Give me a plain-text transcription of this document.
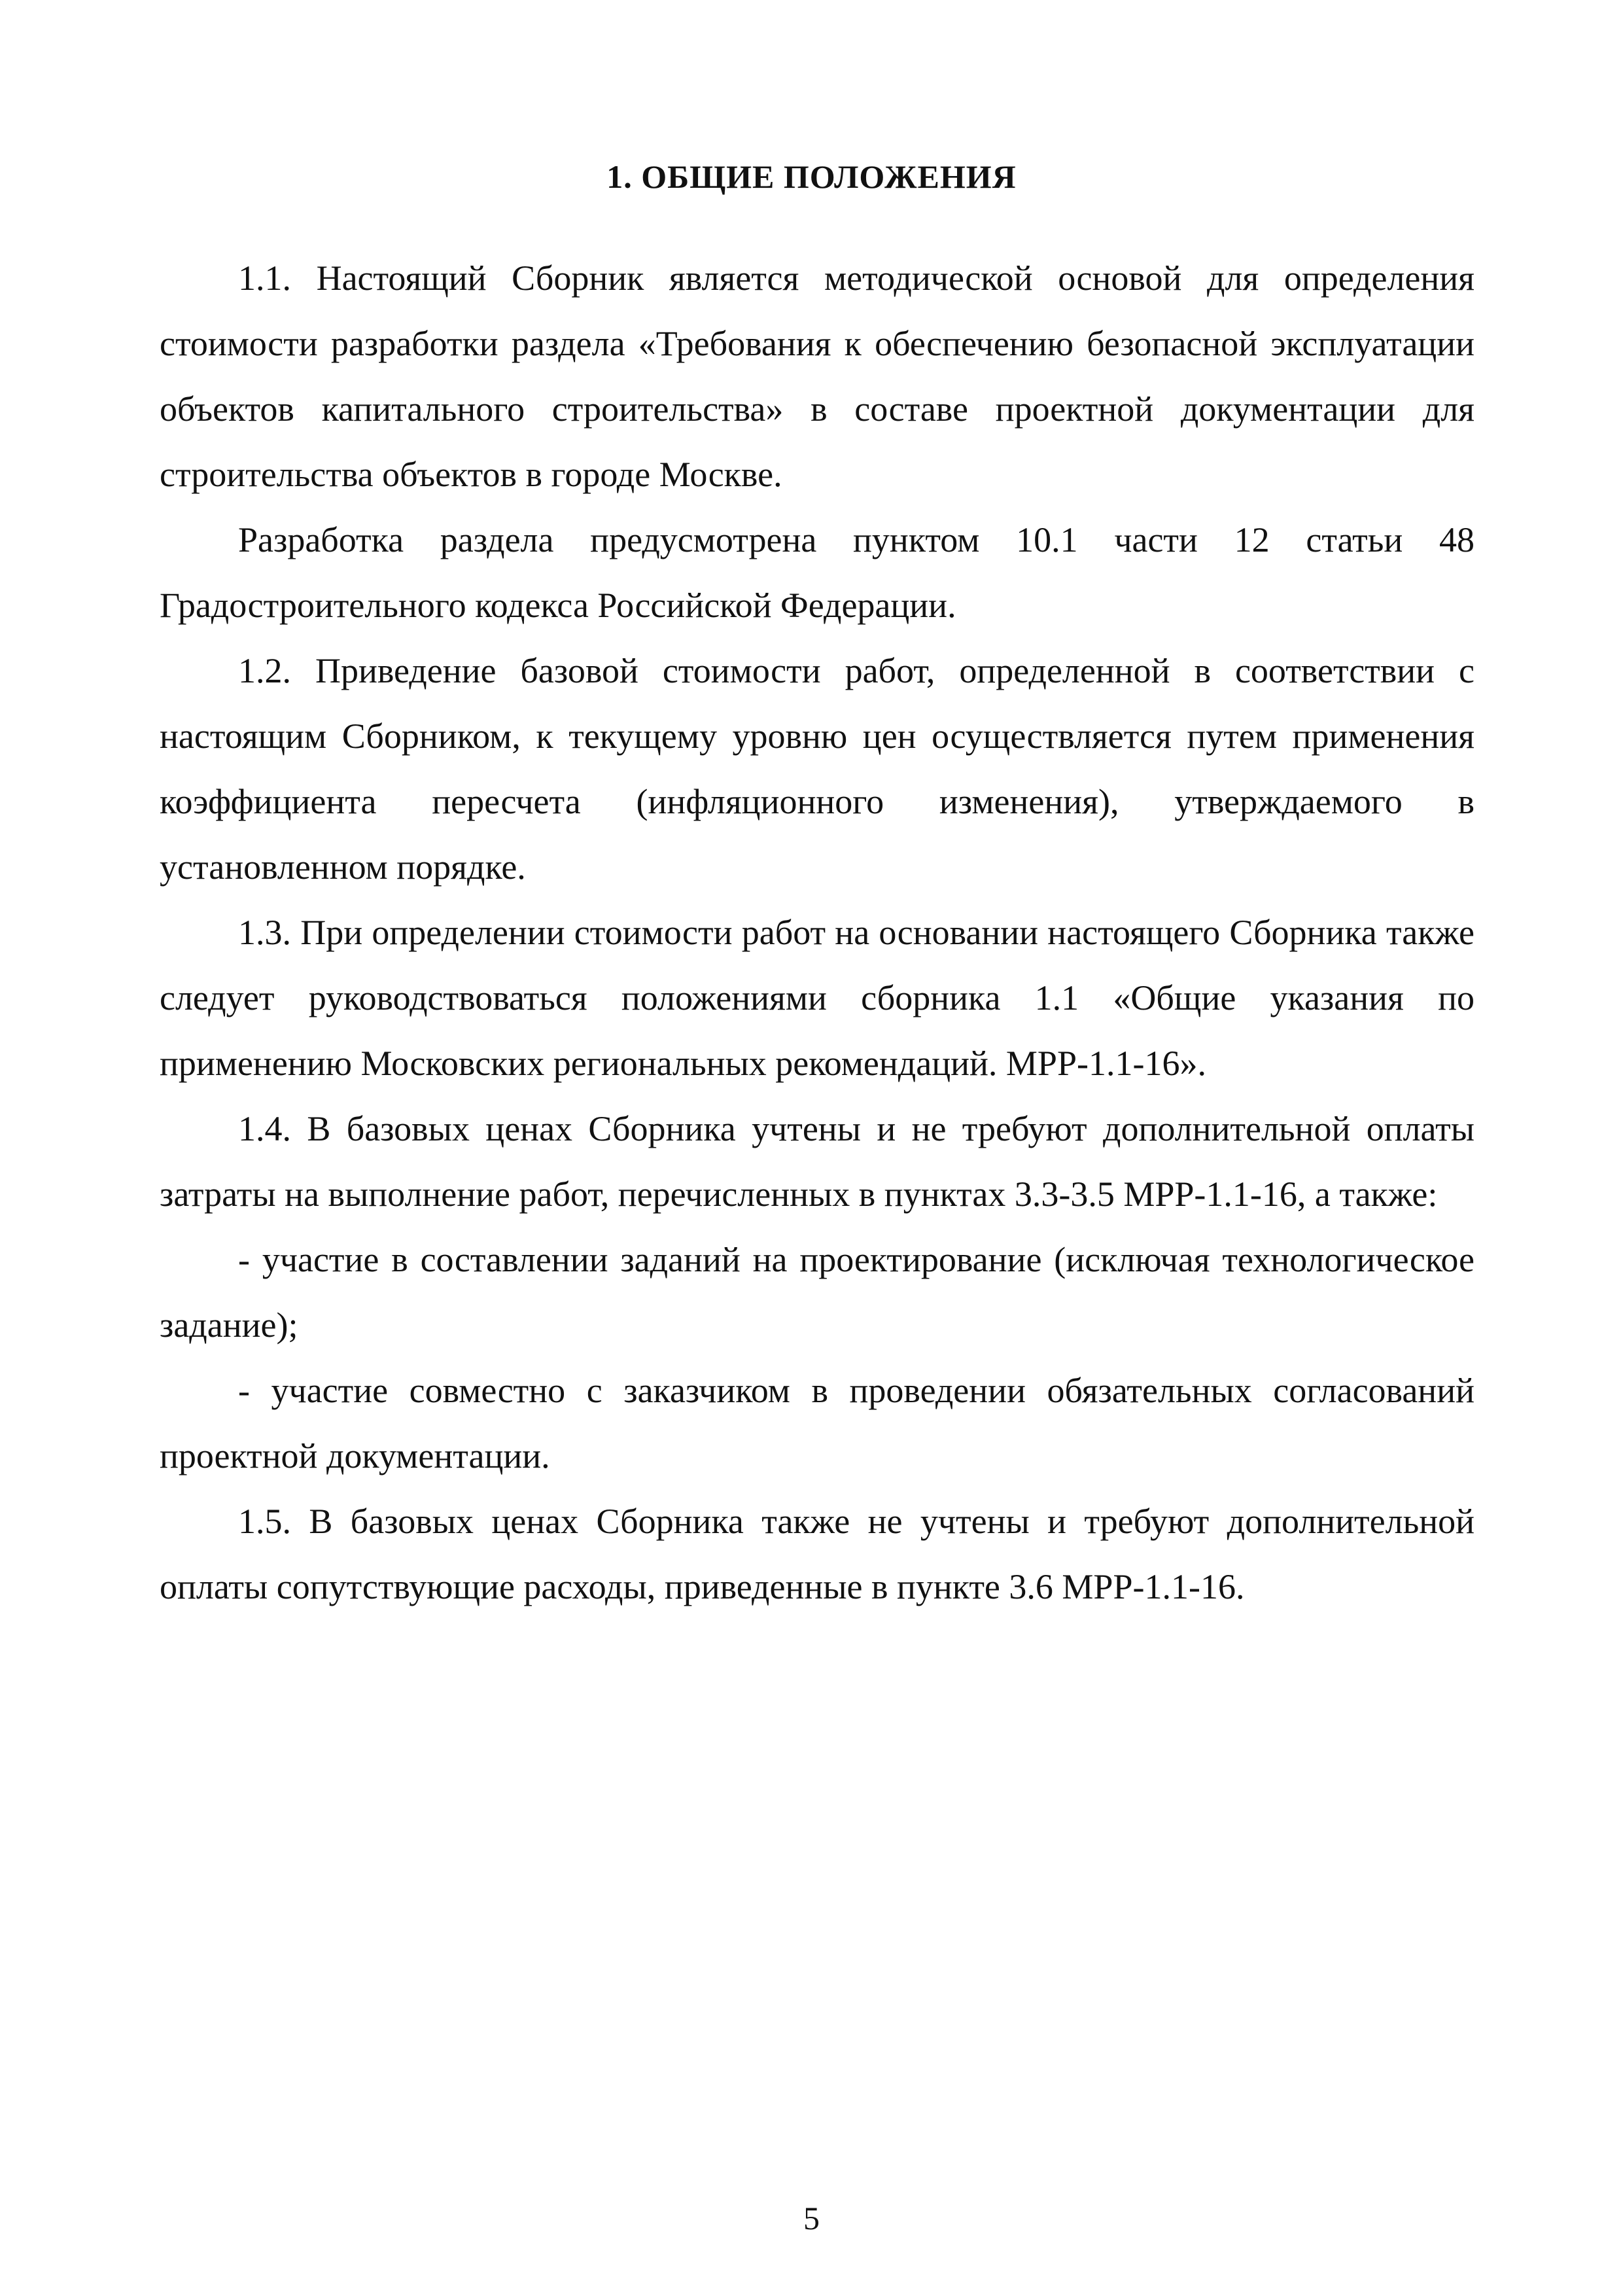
1. ОБЩИЕ ПОЛОЖЕНИЯ

1.1. Настоящий Сборник является методической основой для определения стоимости разработки раздела «Требования к обеспечению безопасной эксплуатации объектов капитального строительства» в составе проектной документации для строительства объектов в городе Москве.

Разработка раздела предусмотрена пунктом 10.1 части 12 статьи 48 Градостроительного кодекса Российской Федерации.

1.2. Приведение базовой стоимости работ, определенной в соответствии с настоящим Сборником, к текущему уровню цен осуществляется путем применения коэффициента пересчета (инфляционного изменения), утверждаемого в установленном порядке.

1.3. При определении стоимости работ на основании настоящего Сборника также следует руководствоваться положениями сборника 1.1 «Общие указания по применению Московских региональных рекомендаций. МРР-1.1-16».

1.4. В базовых ценах Сборника учтены и не требуют дополнительной оплаты затраты на выполнение работ, перечисленных в пунктах 3.3-3.5 МРР-1.1-16, а также:

- участие в составлении заданий на проектирование (исключая технологическое задание);

- участие совместно с заказчиком в проведении обязательных согласований проектной документации.

1.5. В базовых ценах Сборника также не учтены и требуют дополнительной оплаты сопутствующие расходы, приведенные в пункте 3.6 МРР-1.1-16.

5
